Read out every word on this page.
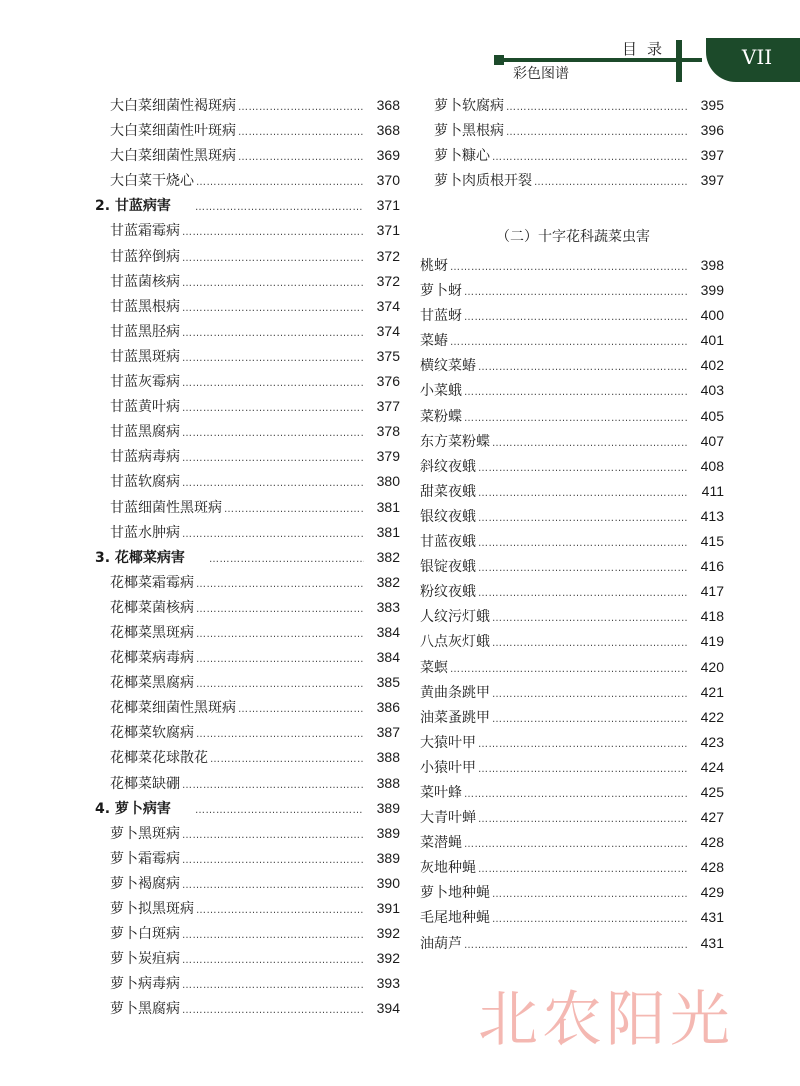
目录
彩色图谱
VII
大白菜细菌性褐斑病 …………………………………………………………………………………………………………………………………………………………………	368
大白菜细菌性叶斑病 …………………………………………………………………………………………………………………………………………………………………	368
大白菜细菌性黑斑病 …………………………………………………………………………………………………………………………………………………………………	369
大白菜干烧心 …………………………………………………………………………………………………………………………………………………………………	370
2. 甘蓝病害 …………………………………………………………………………………………………………………………………………………………………	371
甘蓝霜霉病 …………………………………………………………………………………………………………………………………………………………………	371
甘蓝猝倒病 …………………………………………………………………………………………………………………………………………………………………	372
甘蓝菌核病 …………………………………………………………………………………………………………………………………………………………………	372
甘蓝黑根病 …………………………………………………………………………………………………………………………………………………………………	374
甘蓝黑胫病 …………………………………………………………………………………………………………………………………………………………………	374
甘蓝黑斑病 …………………………………………………………………………………………………………………………………………………………………	375
甘蓝灰霉病 …………………………………………………………………………………………………………………………………………………………………	376
甘蓝黄叶病 …………………………………………………………………………………………………………………………………………………………………	377
甘蓝黑腐病 …………………………………………………………………………………………………………………………………………………………………	378
甘蓝病毒病 …………………………………………………………………………………………………………………………………………………………………	379
甘蓝软腐病 …………………………………………………………………………………………………………………………………………………………………	380
甘蓝细菌性黑斑病 …………………………………………………………………………………………………………………………………………………………………	381
甘蓝水肿病 …………………………………………………………………………………………………………………………………………………………………	381
3. 花椰菜病害 …………………………………………………………………………………………………………………………………………………………………	382
花椰菜霜霉病 …………………………………………………………………………………………………………………………………………………………………	382
花椰菜菌核病 …………………………………………………………………………………………………………………………………………………………………	383
花椰菜黑斑病 …………………………………………………………………………………………………………………………………………………………………	384
花椰菜病毒病 …………………………………………………………………………………………………………………………………………………………………	384
花椰菜黑腐病 …………………………………………………………………………………………………………………………………………………………………	385
花椰菜细菌性黑斑病 …………………………………………………………………………………………………………………………………………………………………	386
花椰菜软腐病 …………………………………………………………………………………………………………………………………………………………………	387
花椰菜花球散花 …………………………………………………………………………………………………………………………………………………………………	388
花椰菜缺硼 …………………………………………………………………………………………………………………………………………………………………	388
4. 萝卜病害 …………………………………………………………………………………………………………………………………………………………………	389
萝卜黑斑病 …………………………………………………………………………………………………………………………………………………………………	389
萝卜霜霉病 …………………………………………………………………………………………………………………………………………………………………	389
萝卜褐腐病 …………………………………………………………………………………………………………………………………………………………………	390
萝卜拟黑斑病 …………………………………………………………………………………………………………………………………………………………………	391
萝卜白斑病 …………………………………………………………………………………………………………………………………………………………………	392
萝卜炭疽病 …………………………………………………………………………………………………………………………………………………………………	392
萝卜病毒病 …………………………………………………………………………………………………………………………………………………………………	393
萝卜黑腐病 …………………………………………………………………………………………………………………………………………………………………	394
萝卜软腐病 …………………………………………………………………………………………………………………………………………………………………	395
萝卜黑根病 …………………………………………………………………………………………………………………………………………………………………	396
萝卜糠心 …………………………………………………………………………………………………………………………………………………………………	397
萝卜肉质根开裂 …………………………………………………………………………………………………………………………………………………………………	397
（二）十字花科蔬菜虫害
桃蚜 …………………………………………………………………………………………………………………………………………………………………	398
萝卜蚜 …………………………………………………………………………………………………………………………………………………………………	399
甘蓝蚜 …………………………………………………………………………………………………………………………………………………………………	400
菜蝽 …………………………………………………………………………………………………………………………………………………………………	401
横纹菜蝽 …………………………………………………………………………………………………………………………………………………………………	402
小菜蛾 …………………………………………………………………………………………………………………………………………………………………	403
菜粉蝶 …………………………………………………………………………………………………………………………………………………………………	405
东方菜粉蝶 …………………………………………………………………………………………………………………………………………………………………	407
斜纹夜蛾 …………………………………………………………………………………………………………………………………………………………………	408
甜菜夜蛾 …………………………………………………………………………………………………………………………………………………………………	411
银纹夜蛾 …………………………………………………………………………………………………………………………………………………………………	413
甘蓝夜蛾 …………………………………………………………………………………………………………………………………………………………………	415
银锭夜蛾 …………………………………………………………………………………………………………………………………………………………………	416
粉纹夜蛾 …………………………………………………………………………………………………………………………………………………………………	417
人纹污灯蛾 …………………………………………………………………………………………………………………………………………………………………	418
八点灰灯蛾 …………………………………………………………………………………………………………………………………………………………………	419
菜螟 …………………………………………………………………………………………………………………………………………………………………	420
黄曲条跳甲 …………………………………………………………………………………………………………………………………………………………………	421
油菜蚤跳甲 …………………………………………………………………………………………………………………………………………………………………	422
大猿叶甲 …………………………………………………………………………………………………………………………………………………………………	423
小猿叶甲 …………………………………………………………………………………………………………………………………………………………………	424
菜叶蜂 …………………………………………………………………………………………………………………………………………………………………	425
大青叶蝉 …………………………………………………………………………………………………………………………………………………………………	427
菜潜蝇 …………………………………………………………………………………………………………………………………………………………………	428
灰地种蝇 …………………………………………………………………………………………………………………………………………………………………	428
萝卜地种蝇 …………………………………………………………………………………………………………………………………………………………………	429
毛尾地种蝇 …………………………………………………………………………………………………………………………………………………………………	431
油葫芦 …………………………………………………………………………………………………………………………………………………………………	431
北农阳光
